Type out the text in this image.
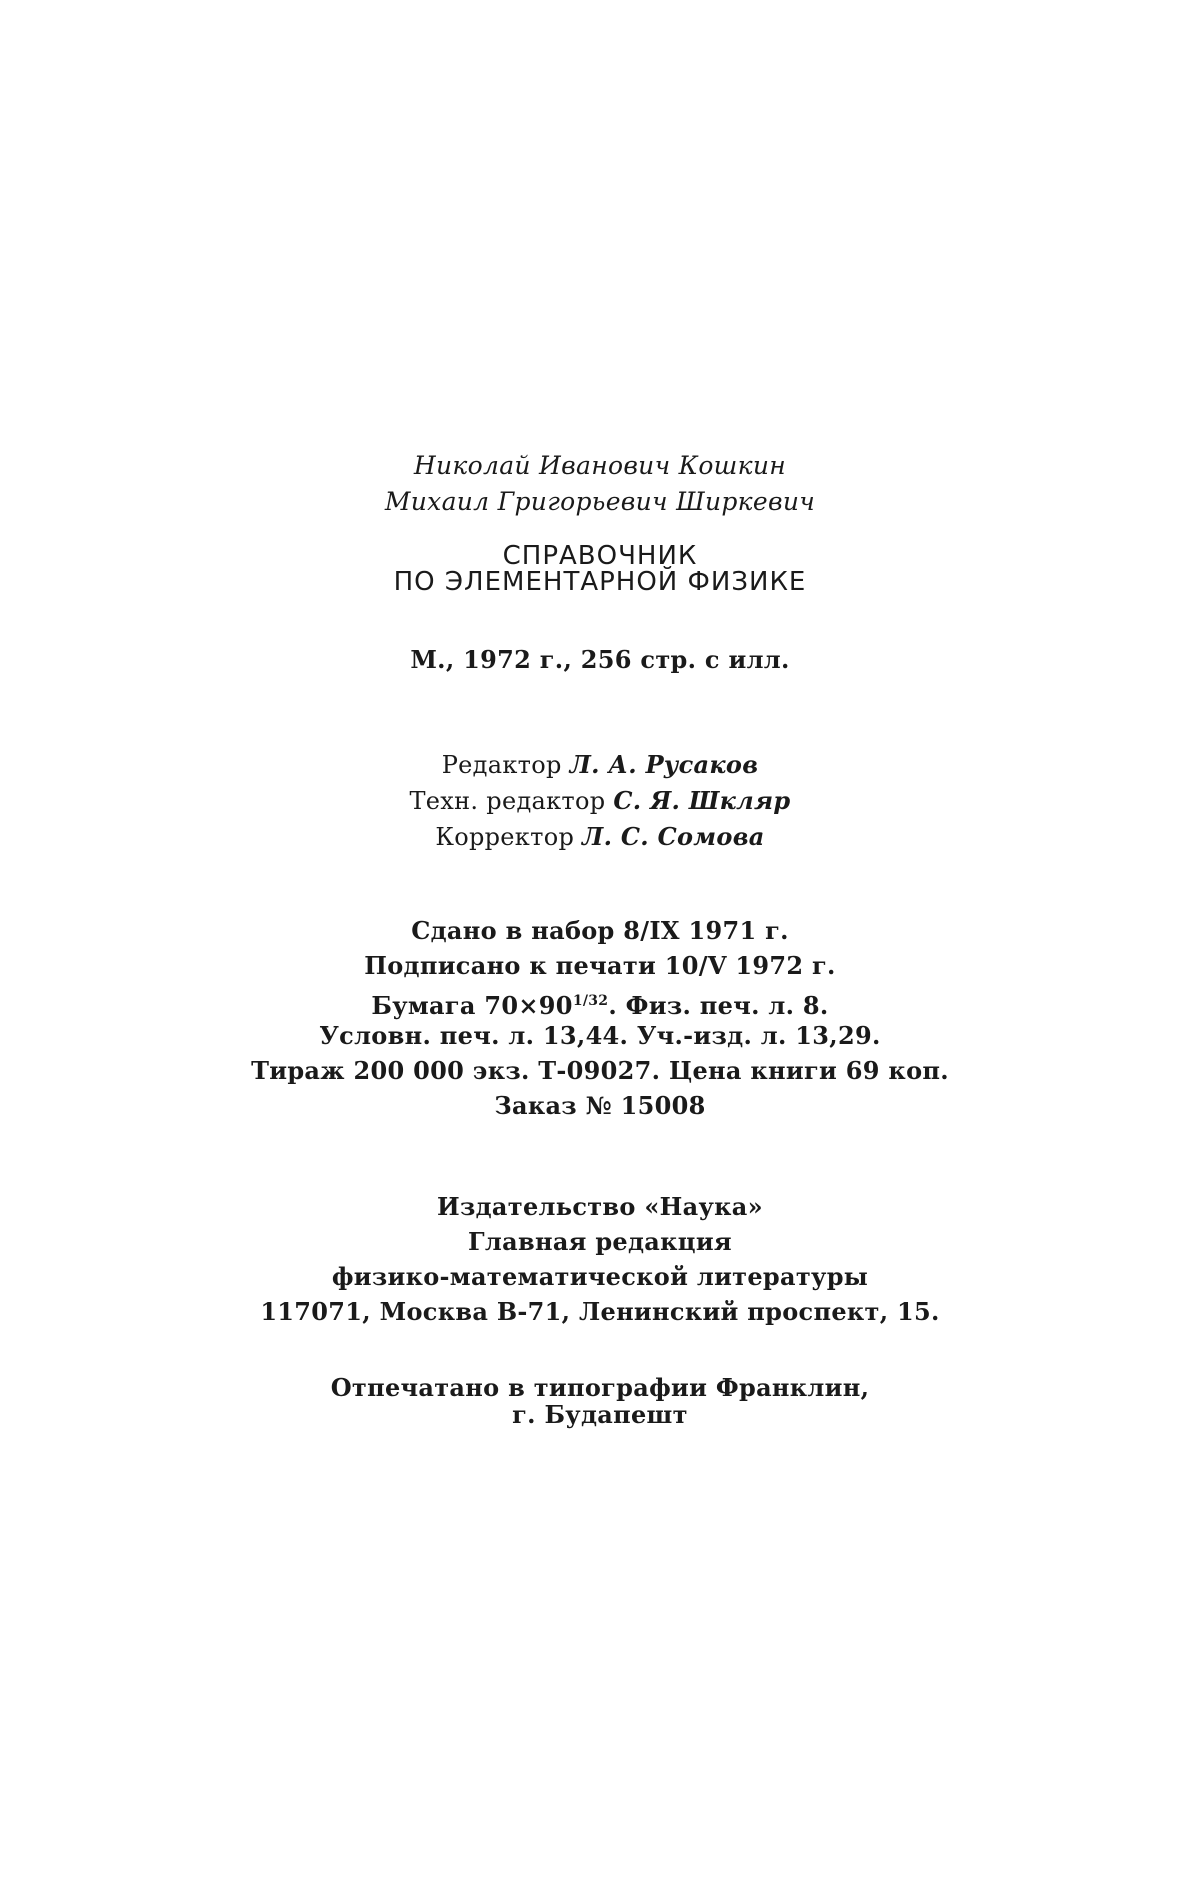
Николай Иванович Кошкин
Михаил Григорьевич Ширкевич
СПРАВОЧНИК
ПО ЭЛЕМЕНТАРНОЙ ФИЗИКЕ
М., 1972 г., 256 стр. с илл.
Редактор Л. А. Русаков
Техн. редактор С. Я. Шкляр
Корректор Л. С. Сомова
Сдано в набор 8/IX 1971 г.
Подписано к печати 10/V 1972 г.
Бумага $70\times 90^{1/32}$. Физ. печ. л. 8.
Условн. печ. л. 13,44. Уч.-изд. л. 13,29.
Тираж 200 000 экз. Т-09027. Цена книги 69 коп.
Заказ № 15008
Издательство «Наука»
Главная редакция
физико-математической литературы
117071, Москва В-71, Ленинский проспект, 15.
Отпечатано в типографии Франклин,
г. Будапешт
